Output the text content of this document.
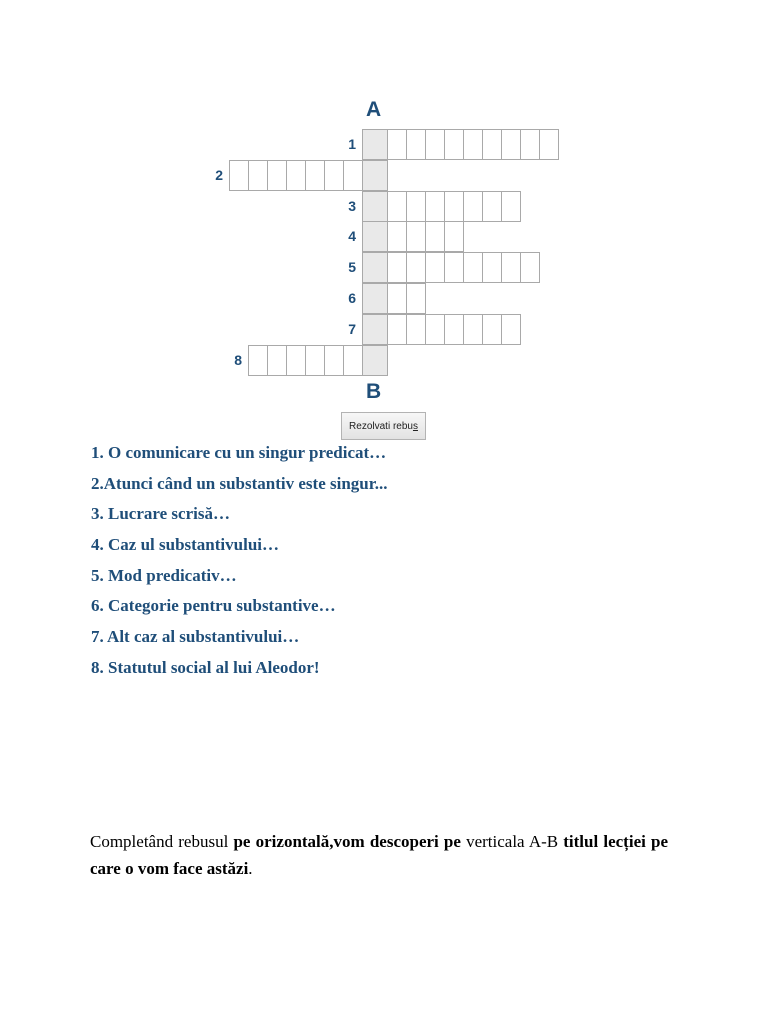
A
1
2
3
4
5
6
7
8
B
Rezolvati rebu s
1. O comunicare cu un singur predicat…
2.Atunci când un substantiv este singur...
3. Lucrare scrisă…
4. Caz ul substantivului…
5. Mod predicativ…
6. Categorie pentru substantive…
7. Alt caz al substantivului…
8. Statutul social al lui Aleodor!
Completând rebusul pe orizontală,vom descoperi pe verticala A-B titlul lecției pe care o vom face astăzi.
